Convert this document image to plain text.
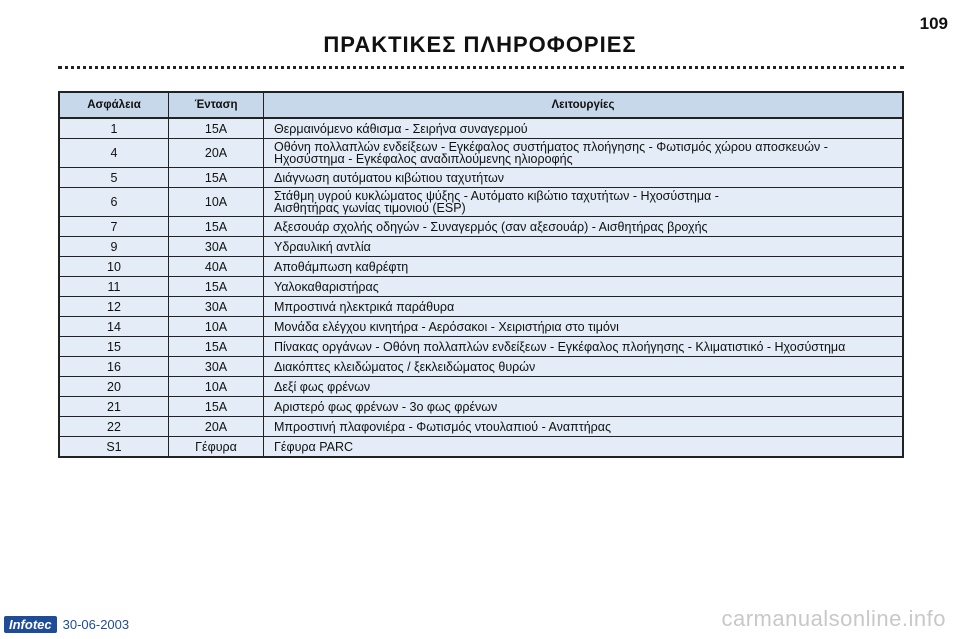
109
ΠΡΑΚΤΙΚΕΣ ΠΛΗΡΟΦΟΡΙΕΣ
Ασφάλεια	Ένταση	Λειτουργίες
1	15A	Θερμαινόμενο κάθισμα - Σειρήνα συναγερμού

4	20A	Οθόνη πολλαπλών ενδείξεων - Εγκέφαλος συστήματος πλοήγησης - Φωτισμός χώρου αποσκευών -
Ηχοσύστημα - Εγκέφαλος αναδιπλούμενης ηλιοροφής

5	15A	Διάγνωση αυτόματου κιβώτιου ταχυτήτων

6	10A	Στάθμη υγρού κυκλώματος ψύξης - Αυτόματο κιβώτιο ταχυτήτων - Ηχοσύστημα -
Αισθητήρας γωνίας τιμονιού (ESP)

7	15A	Αξεσουάρ σχολής οδηγών - Συναγερμός (σαν αξεσουάρ) - Αισθητήρας βροχής

9	30A	Υδραυλική αντλία

10	40A	Αποθάμπωση καθρέφτη

11	15A	Υαλοκαθαριστήρας

12	30A	Μπροστινά ηλεκτρικά παράθυρα

14	10A	Μονάδα ελέγχου κινητήρα - Αερόσακοι - Χειριστήρια στο τιμόνι

15	15A	Πίνακας οργάνων - Οθόνη πολλαπλών ενδείξεων - Εγκέφαλος πλοήγησης - Κλιματιστικό - Ηχοσύστημα

16	30A	Διακόπτες κλειδώματος / ξεκλειδώματος θυρών

20	10A	Δεξί φως φρένων

21	15A	Αριστερό φως φρένων - 3ο φως φρένων

22	20A	Μπροστινή πλαφονιέρα - Φωτισμός ντουλαπιού - Αναπτήρας

S1	Γέφυρα	Γέφυρα PARC
Infotec 30-06-2003	carmanualsonline.info
